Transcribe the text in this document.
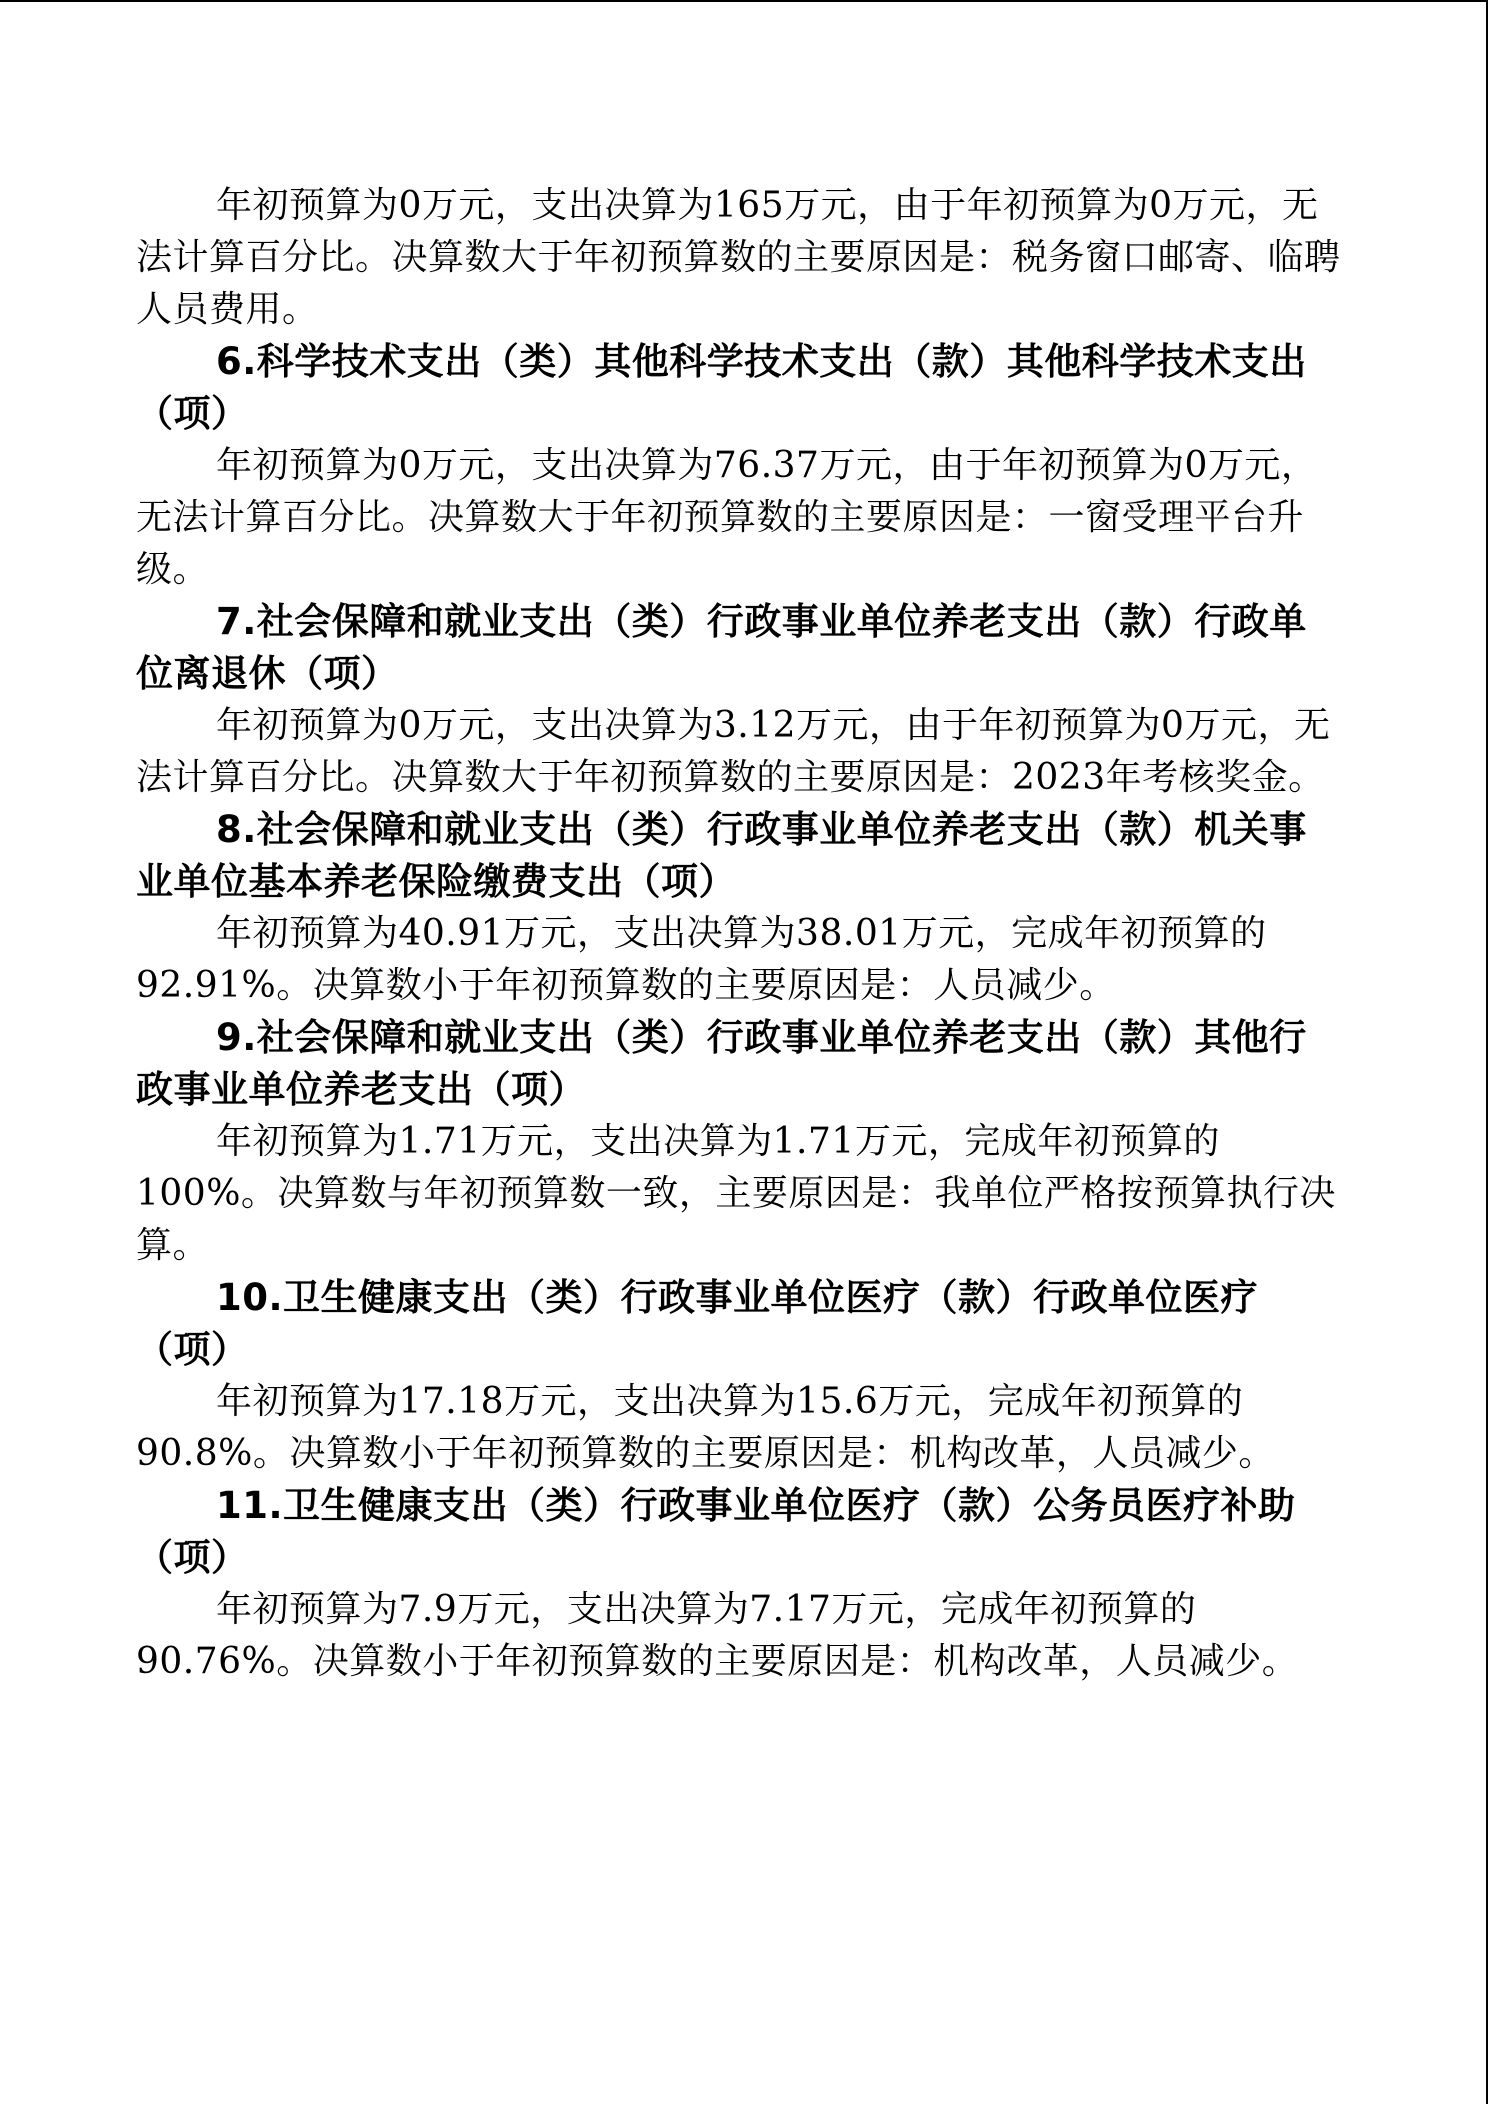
年初预算为0万元，支出决算为165万元，由于年初预算为0万元，无法计算百分比。决算数大于年初预算数的主要原因是：税务窗口邮寄、临聘人员费用。

6.科学技术支出（类）其他科学技术支出（款）其他科学技术支出（项）

年初预算为0万元，支出决算为76.37万元，由于年初预算为0万元，无法计算百分比。决算数大于年初预算数的主要原因是：一窗受理平台升级。

7.社会保障和就业支出（类）行政事业单位养老支出（款）行政单位离退休（项）

年初预算为0万元，支出决算为3.12万元，由于年初预算为0万元，无法计算百分比。决算数大于年初预算数的主要原因是：2023年考核奖金。

8.社会保障和就业支出（类）行政事业单位养老支出（款）机关事业单位基本养老保险缴费支出（项）

年初预算为40.91万元，支出决算为38.01万元，完成年初预算的92.91%。决算数小于年初预算数的主要原因是：人员减少。

9.社会保障和就业支出（类）行政事业单位养老支出（款）其他行政事业单位养老支出（项）

年初预算为1.71万元，支出决算为1.71万元，完成年初预算的100%。决算数与年初预算数一致，主要原因是：我单位严格按预算执行决算。

10.卫生健康支出（类）行政事业单位医疗（款）行政单位医疗（项）

年初预算为17.18万元，支出决算为15.6万元，完成年初预算的90.8%。决算数小于年初预算数的主要原因是：机构改革，人员减少。

11.卫生健康支出（类）行政事业单位医疗（款）公务员医疗补助（项）

年初预算为7.9万元，支出决算为7.17万元，完成年初预算的90.76%。决算数小于年初预算数的主要原因是：机构改革，人员减少。
